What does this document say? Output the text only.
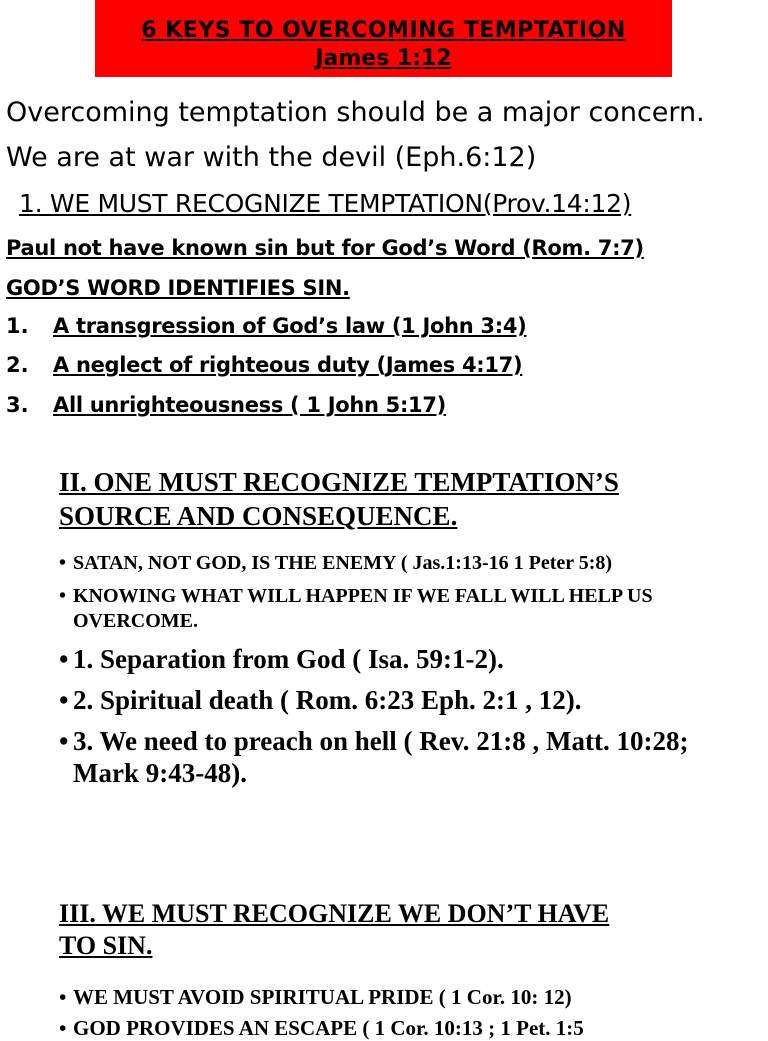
6 KEYS TO OVERCOMING TEMPTATION
James 1:12
Overcoming temptation should be a major concern.
We are at war with the devil (Eph.6:12)
1. WE MUST RECOGNIZE TEMPTATION(Prov.14:12)
Paul not have known sin but for God’s Word (Rom. 7:7)
GOD’S WORD IDENTIFIES SIN.
1. A transgression of God’s law (1 John 3:4)
2. A neglect of righteous duty (James 4:17)
3. All unrighteousness ( 1 John 5:17)
II. ONE MUST RECOGNIZE TEMPTATION’S
SOURCE AND CONSEQUENCE.
• SATAN, NOT GOD, IS THE ENEMY ( Jas.1:13-16 1 Peter 5:8)
• KNOWING WHAT WILL HAPPEN IF WE FALL WILL HELP US OVERCOME.
• 1. Separation from God ( Isa. 59:1-2).
• 2. Spiritual death ( Rom. 6:23 Eph. 2:1 , 12).
• 3. We need to preach on hell ( Rev. 21:8 , Matt. 10:28; Mark 9:43-48).
III. WE MUST RECOGNIZE WE DON’T HAVE
TO SIN.
• WE MUST AVOID SPIRITUAL PRIDE ( 1 Cor. 10: 12)
• GOD PROVIDES AN ESCAPE ( 1 Cor. 10:13 ; 1 Pet. 1:5
